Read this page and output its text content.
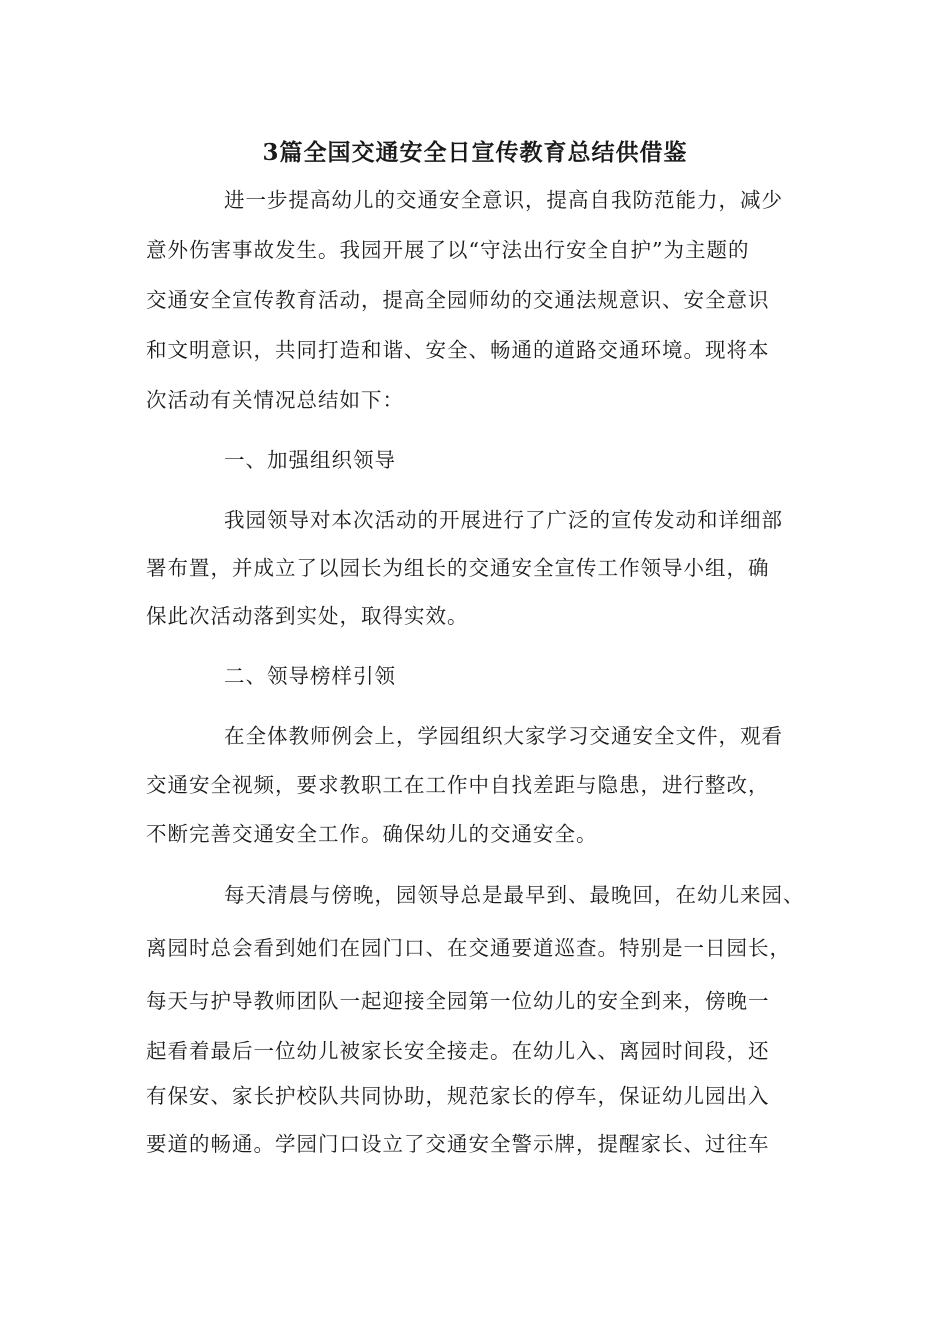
3篇全国交通安全日宣传教育总结供借鉴
进一步提高幼儿的交通安全意识，提高自我防范能力，减少
意外伤害事故发生。我园开展了以“守法出行安全自护”为主题的
交通安全宣传教育活动，提高全园师幼的交通法规意识、安全意识
和文明意识，共同打造和谐、安全、畅通的道路交通环境。现将本
次活动有关情况总结如下：
一、加强组织领导
我园领导对本次活动的开展进行了广泛的宣传发动和详细部
署布置，并成立了以园长为组长的交通安全宣传工作领导小组，确
保此次活动落到实处，取得实效。
二、领导榜样引领
在全体教师例会上，学园组织大家学习交通安全文件，观看
交通安全视频，要求教职工在工作中自找差距与隐患，进行整改，
不断完善交通安全工作。确保幼儿的交通安全。
每天清晨与傍晚，园领导总是最早到、最晚回，在幼儿来园、
离园时总会看到她们在园门口、在交通要道巡查。特别是一日园长，
每天与护导教师团队一起迎接全园第一位幼儿的安全到来，傍晚一
起看着最后一位幼儿被家长安全接走。在幼儿入、离园时间段，还
有保安、家长护校队共同协助，规范家长的停车，保证幼儿园出入
要道的畅通。学园门口设立了交通安全警示牌，提醒家长、过往车
